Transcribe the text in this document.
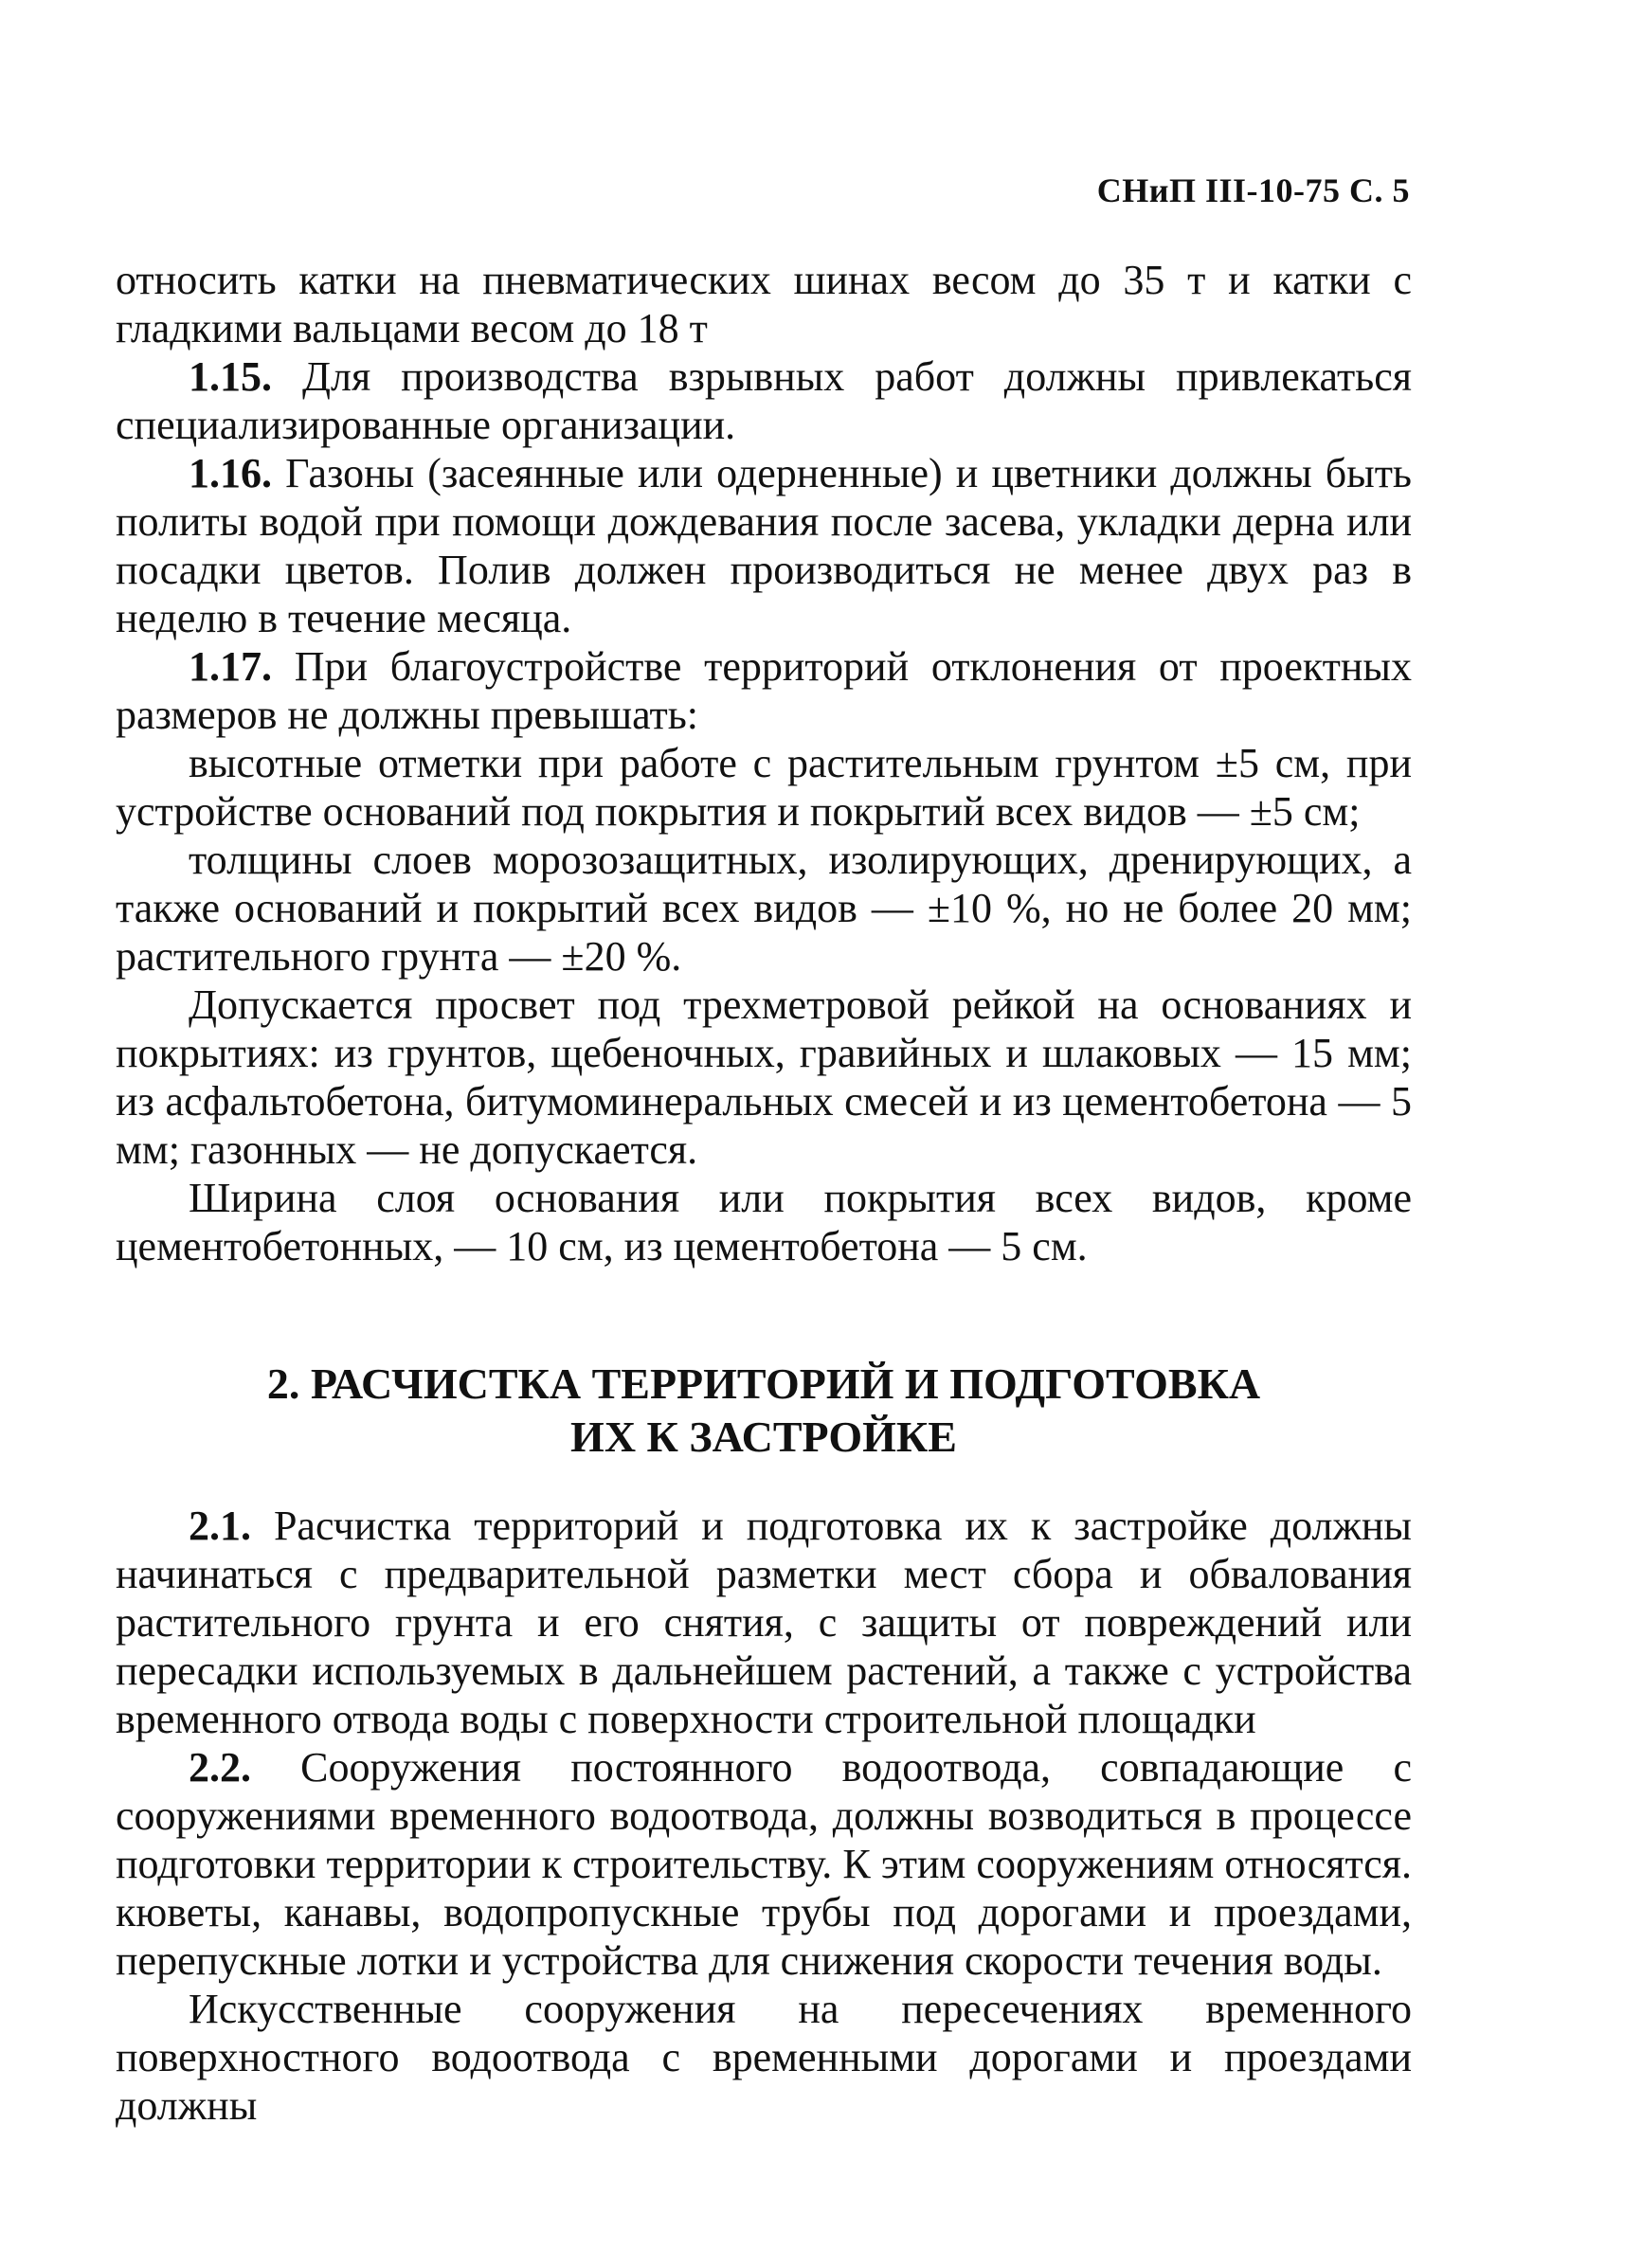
СНиП III-10-75 С. 5

относить катки на пневматических шинах весом до 35 т и катки с гладкими вальцами весом до 18 т

1.15. Для производства взрывных работ должны привлекаться специализированные организации.

1.16. Газоны (засеянные или одерненные) и цветники должны быть политы водой при помощи дождевания после засева, укладки дерна или посадки цветов. Полив должен производиться не менее двух раз в неделю в течение месяца.

1.17. При благоустройстве территорий отклонения от проектных размеров не должны превышать:

высотные отметки при работе с растительным грунтом ±5 см, при устройстве оснований под покрытия и покрытий всех видов — ±5 см;

толщины слоев морозозащитных, изолирующих, дренирующих, а также оснований и покрытий всех видов — ±10 %, но не более 20 мм; растительного грунта — ±20 %.

Допускается просвет под трехметровой рейкой на основаниях и покрытиях: из грунтов, щебеночных, гравийных и шлаковых — 15 мм; из асфальтобетона, битумоминеральных смесей и из цементобетона — 5 мм; газонных — не допускается.

Ширина слоя основания или покрытия всех видов, кроме цементобетонных, — 10 см, из цементобетона — 5 см.

2. РАСЧИСТКА ТЕРРИТОРИЙ И ПОДГОТОВКА
ИХ К ЗАСТРОЙКЕ

2.1. Расчистка территорий и подготовка их к застройке должны начинаться с предварительной разметки мест сбора и обвалования растительного грунта и его снятия, с защиты от повреждений или пересадки используемых в дальнейшем растений, а также с устройства временного отвода воды с поверхности строительной площадки

2.2. Сооружения постоянного водоотвода, совпадающие с сооружениями временного водоотвода, должны возводиться в процессе подготовки территории к строительству. К этим сооружениям относятся. кюветы, канавы, водопропускные трубы под дорогами и проездами, перепускные лотки и устройства для снижения скорости течения воды.

Искусственные сооружения на пересечениях временного поверхностного водоотвода с временными дорогами и проездами должны
